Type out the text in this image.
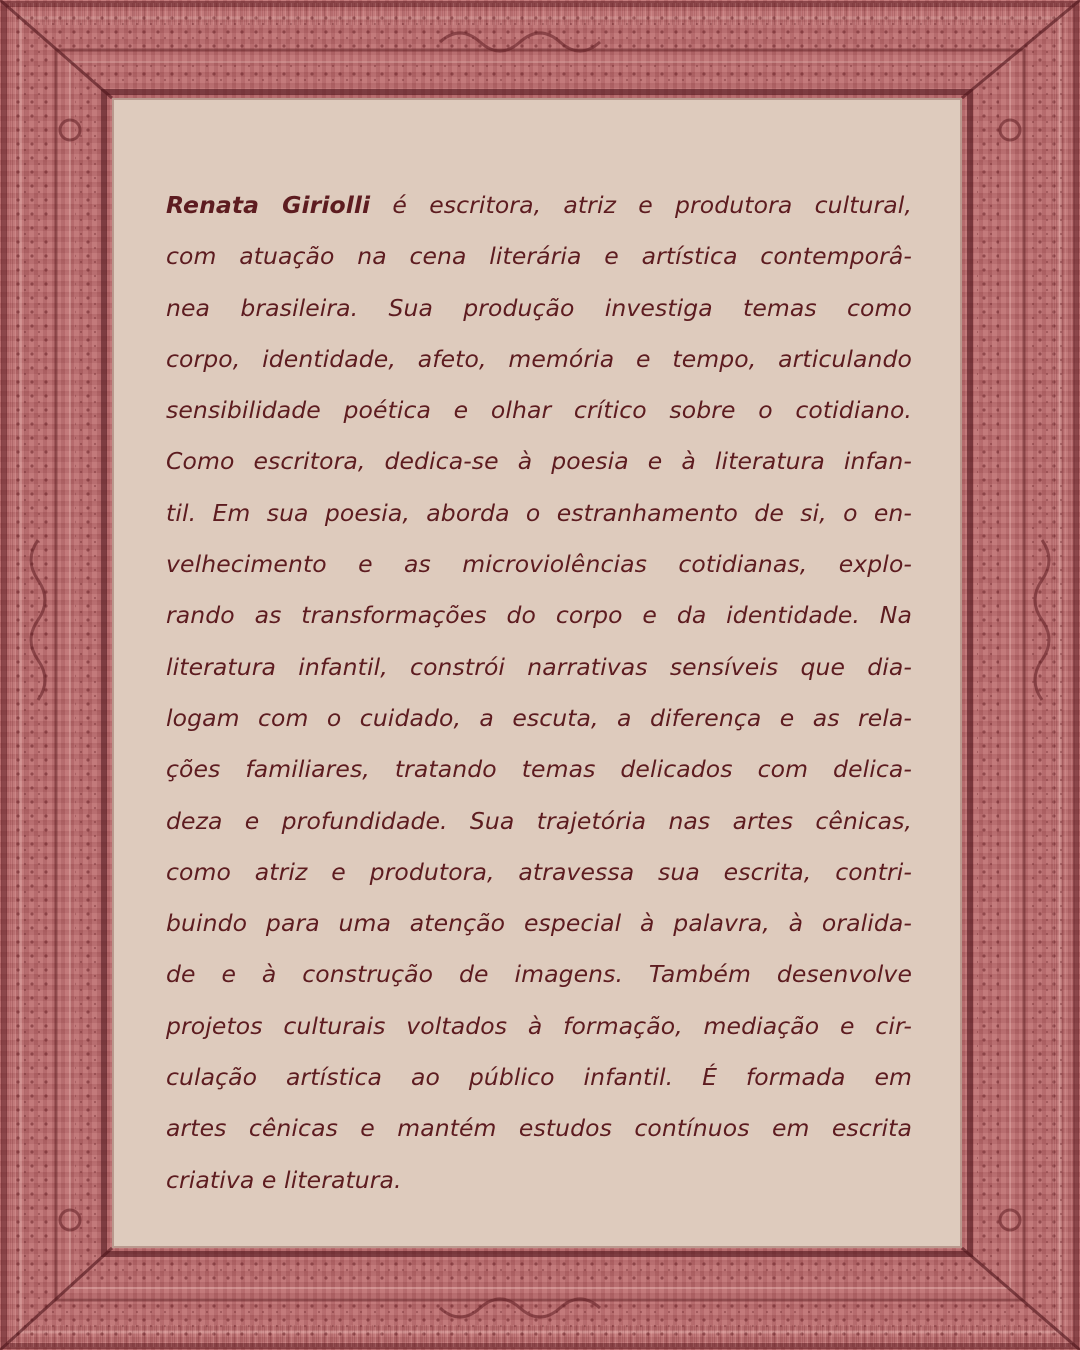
Renata Giriolli é escritora, atriz e produtora cultural,
com atuação na cena literária e artística contemporâ-
nea brasileira. Sua produção investiga temas como
corpo, identidade, afeto, memória e tempo, articulando
sensibilidade poética e olhar crítico sobre o cotidiano.
Como escritora, dedica-se à poesia e à literatura infan-
til. Em sua poesia, aborda o estranhamento de si, o en-
velhecimento e as microviolências cotidianas, explo-
rando as transformações do corpo e da identidade. Na
literatura infantil, constrói narrativas sensíveis que dia-
logam com o cuidado, a escuta, a diferença e as rela-
ções familiares, tratando temas delicados com delica-
deza e profundidade. Sua trajetória nas artes cênicas,
como atriz e produtora, atravessa sua escrita, contri-
buindo para uma atenção especial à palavra, à oralida-
de e à construção de imagens. Também desenvolve
projetos culturais voltados à formação, mediação e cir-
culação artística ao público infantil. É formada em
artes cênicas e mantém estudos contínuos em escrita
criativa e literatura.
